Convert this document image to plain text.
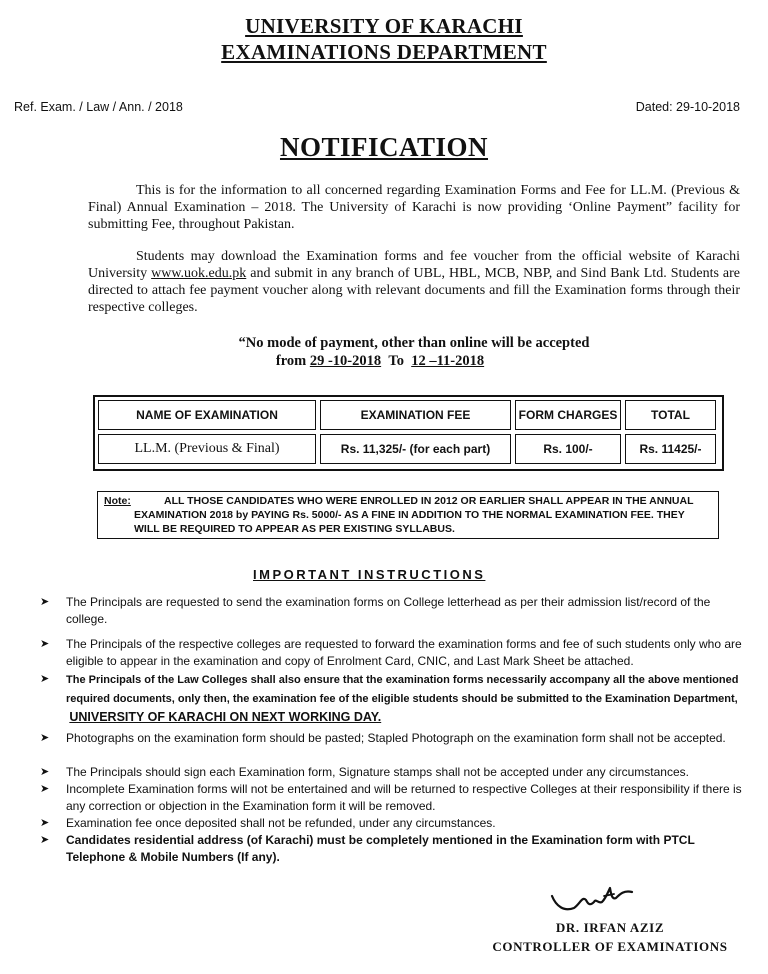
UNIVERSITY OF KARACHI
EXAMINATIONS DEPARTMENT
Ref. Exam. / Law / Ann. / 2018	Dated: 29-10-2018
NOTIFICATION
This is for the information to all concerned regarding Examination Forms and Fee for LL.M. (Previous & Final) Annual Examination – 2018. The University of Karachi is now providing ‘Online Payment” facility for submitting Fee, throughout Pakistan.
Students may download the Examination forms and fee voucher from the official website of Karachi University www.uok.edu.pk and submit in any branch of UBL, HBL, MCB, NBP, and Sind Bank Ltd. Students are directed to attach fee payment voucher along with relevant documents and fill the Examination forms through their respective colleges.
“No mode of payment, other than online will be accepted
from 29 -10-2018 To 12 –11-2018
NAME OF EXAMINATION	EXAMINATION FEE	FORM CHARGES	TOTAL
LL.M. (Previous & Final)	Rs. 11,325/- (for each part)	Rs. 100/-	Rs. 11425/-
Note:	ALL THOSE CANDIDATES WHO WERE ENROLLED IN 2012 OR EARLIER SHALL APPEAR IN THE ANNUAL
EXAMINATION 2018 by PAYING Rs. 5000/- AS A FINE IN ADDITION TO THE NORMAL EXAMINATION FEE. THEY
WILL BE REQUIRED TO APPEAR AS PER EXISTING SYLLABUS.
IMPORTANT INSTRUCTIONS
➤ The Principals are requested to send the examination forms on College letterhead as per their admission list/record of the college.
➤ The Principals of the respective colleges are requested to forward the examination forms and fee of such students only who are eligible to appear in the examination and copy of Enrolment Card, CNIC, and Last Mark Sheet be attached.
➤ The Principals of the Law Colleges shall also ensure that the examination forms necessarily accompany all the above mentioned required documents, only then, the examination fee of the eligible students should be submitted to the Examination Department,  UNIVERSITY OF KARACHI ON NEXT WORKING DAY.
➤ Photographs on the examination form should be pasted; Stapled Photograph on the examination form shall not be accepted.
➤ The Principals should sign each Examination form, Signature stamps shall not be accepted under any circumstances.
➤ Incomplete Examination forms will not be entertained and will be returned to respective Colleges at their responsibility if there is any correction or objection in the Examination form it will be removed.
➤ Examination fee once deposited shall not be refunded, under any circumstances.
➤ Candidates residential address (of Karachi) must be completely mentioned in the Examination form with PTCL Telephone & Mobile Numbers (If any).
DR. IRFAN AZIZ
CONTROLLER OF EXAMINATIONS
